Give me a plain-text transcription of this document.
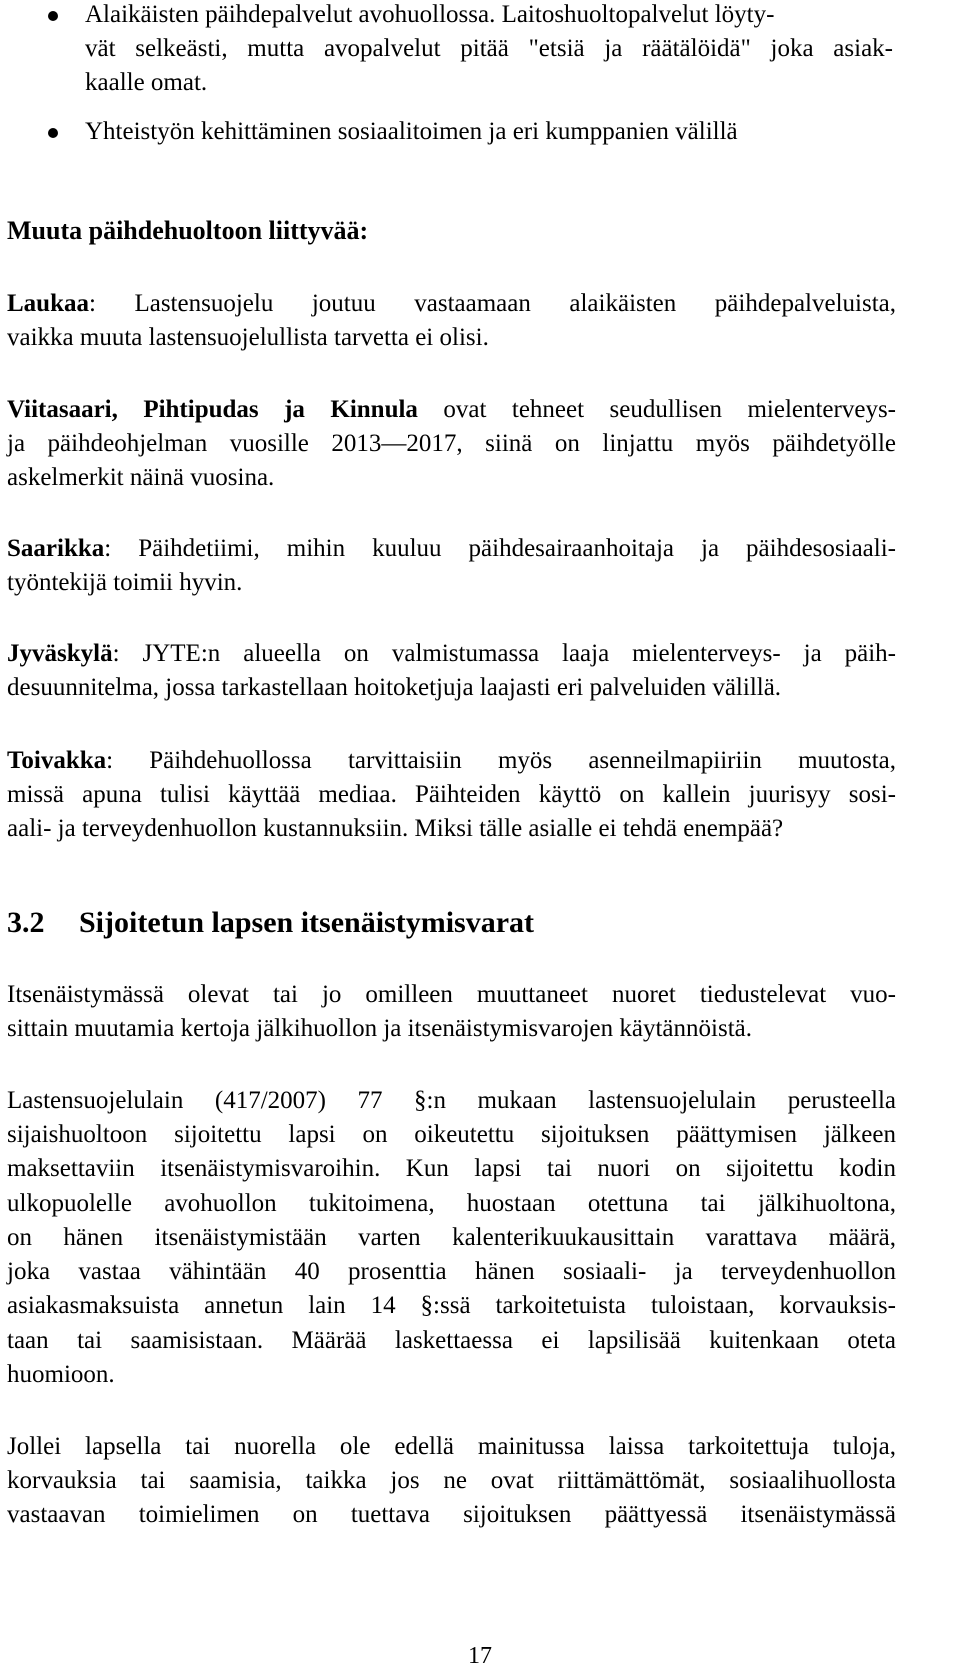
Alaikäisten päihdepalvelut avohuollossa. Laitoshuoltopalvelut löyty-
vät selkeästi, mutta avopalvelut pitää "etsiä ja räätälöidä" joka asiak-
kaalle omat.
Yhteistyön kehittäminen sosiaalitoimen ja eri kumppanien välillä
Muuta päihdehuoltoon liittyvää:
Laukaa: Lastensuojelu joutuu vastaamaan alaikäisten päihdepalveluista,
vaikka muuta lastensuojelullista tarvetta ei olisi.
Viitasaari, Pihtipudas ja Kinnula ovat tehneet seudullisen mielenterveys-
ja päihdeohjelman vuosille 2013—2017, siinä on linjattu myös päihdetyölle
askelmerkit näinä vuosina.
Saarikka: Päihdetiimi, mihin kuuluu päihdesairaanhoitaja ja päihdesosiaali-
työntekijä toimii hyvin.
Jyväskylä: JYTE:n alueella on valmistumassa laaja mielenterveys- ja päih-
desuunnitelma, jossa tarkastellaan hoitoketjuja laajasti eri palveluiden välillä.
Toivakka: Päihdehuollossa tarvittaisiin myös asenneilmapiiriin muutosta,
missä apuna tulisi käyttää mediaa. Päihteiden käyttö on kallein juurisyy sosi-
aali- ja terveydenhuollon kustannuksiin. Miksi tälle asialle ei tehdä enempää?
3.2 Sijoitetun lapsen itsenäistymisvarat
Itsenäistymässä olevat tai jo omilleen muuttaneet nuoret tiedustelevat vuo-
sittain muutamia kertoja jälkihuollon ja itsenäistymisvarojen käytännöistä.
Lastensuojelulain (417/2007) 77 §:n mukaan lastensuojelulain perusteella
sijaishuoltoon sijoitettu lapsi on oikeutettu sijoituksen päättymisen jälkeen
maksettaviin itsenäistymisvaroihin. Kun lapsi tai nuori on sijoitettu kodin
ulkopuolelle avohuollon tukitoimena, huostaan otettuna tai jälkihuoltona,
on hänen itsenäistymistään varten kalenterikuukausittain varattava määrä,
joka vastaa vähintään 40 prosenttia hänen sosiaali- ja terveydenhuollon
asiakasmaksuista annetun lain 14 §:ssä tarkoitetuista tuloistaan, korvauksis-
taan tai saamisistaan. Määrää laskettaessa ei lapsilisää kuitenkaan oteta
huomioon.
Jollei lapsella tai nuorella ole edellä mainitussa laissa tarkoitettuja tuloja,
korvauksia tai saamisia, taikka jos ne ovat riittämättömät, sosiaalihuollosta
vastaavan toimielimen on tuettava sijoituksen päättyessä itsenäistymässä
17
